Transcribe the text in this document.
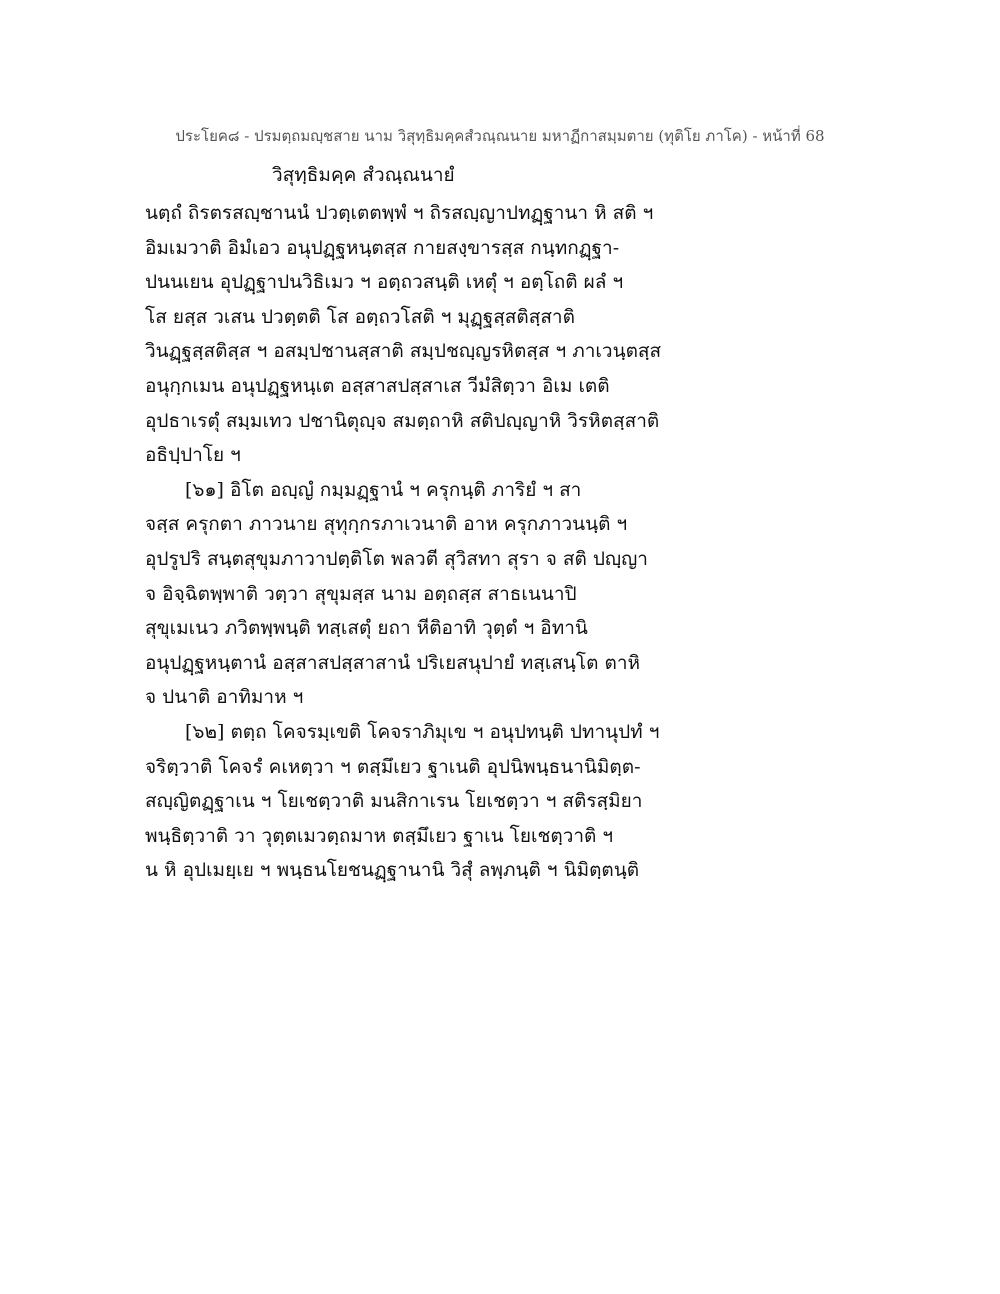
ประโยค๘ - ปรมตฺถมญฺชสาย นาม วิสุทฺธิมคฺคสํวณฺณนาย มหาฏีกาสมฺมตาย (ทุติโย ภาโค) - หน้าที่ 68
วิสุทฺธิมคฺค สํวณฺณนายํ
นตฺถํ ถิรตรสญฺชานนํ ปวตฺเตตพฺพํ ฯ ถิรสญฺญาปทฏฺฐานา หิ สติ ฯ
อิมเมวาติ อิมํเอว อนุปฏฺฐหนฺตสฺส กายสงฺขารสฺส กนฺทกฏฺฐา-
ปนนเยน อุปฏฺฐาปนวิธิเมว ฯ อตฺถวสนฺติ เหตุํ ฯ อตฺโถติ ผลํ ฯ
โส ยสฺส วเสน ปวตฺตติ โส อตฺถวโสติ ฯ มุฏฺฐสฺสติสฺสาติ
วินฏฺฐสฺสติสฺส ฯ อสมฺปชานสฺสาติ สมฺปชญฺญรหิตสฺส ฯ ภาเวนฺตสฺส
อนุกฺกเมน อนุปฏฺฐหนฺเต อสฺสาสปสฺสาเส วีมํสิตฺวา อิเม เตติ
อุปธาเรตุํ สมฺมเทว ปชานิตุญฺจ สมตฺถาหิ สติปญฺญาหิ วิรหิตสฺสาติ
อธิปฺปาโย ฯ
[๖๑] อิโต อญฺญํ กมฺมฏฺฐานํ ฯ ครุกนฺติ ภาริยํ ฯ สา
จสฺส ครุกตา ภาวนาย สุทุกฺกรภาเวนาติ อาห ครุกภาวนนฺติ ฯ
อุปรูปริ สนฺตสุขุมภาวาปตฺติโต พลวตี สุวิสทา สุรา จ สติ ปญฺญา
จ อิจฺฉิตพฺพาติ วตฺวา สุขุมสฺส นาม อตฺถสฺส สาธเนนาปิ
สุขุเมเนว ภวิตพฺพนฺติ ทสฺเสตุํ ยถา หีติอาทิ วุตฺตํ ฯ อิทานิ
อนุปฏฺฐหนฺตานํ อสฺสาสปสฺสาสานํ ปริเยสนุปายํ ทสฺเสนฺโต ตาหิ
จ ปนาติ อาทิมาห ฯ
[๖๒] ตตฺถ โคจรมฺเขติ โคจราภิมุเข ฯ อนุปทนฺติ ปทานุปทํ ฯ
จริตฺวาติ โคจรํ คเหตฺวา ฯ ตสฺมึเยว ฐาเนติ อุปนิพนฺธนานิมิตฺต-
สญฺญิตฏฺฐาเน ฯ โยเชตฺวาติ มนสิกาเรน โยเชตฺวา ฯ สติรสฺมิยา
พนฺธิตฺวาติ วา วุตฺตเมวตฺถมาห ตสฺมึเยว ฐาเน โยเชตฺวาติ ฯ
น หิ อุปเมยฺเย ฯ พนฺธนโยชนฏฺฐานานิ วิสุํ ลพฺภนฺติ ฯ นิมิตฺตนฺติ
